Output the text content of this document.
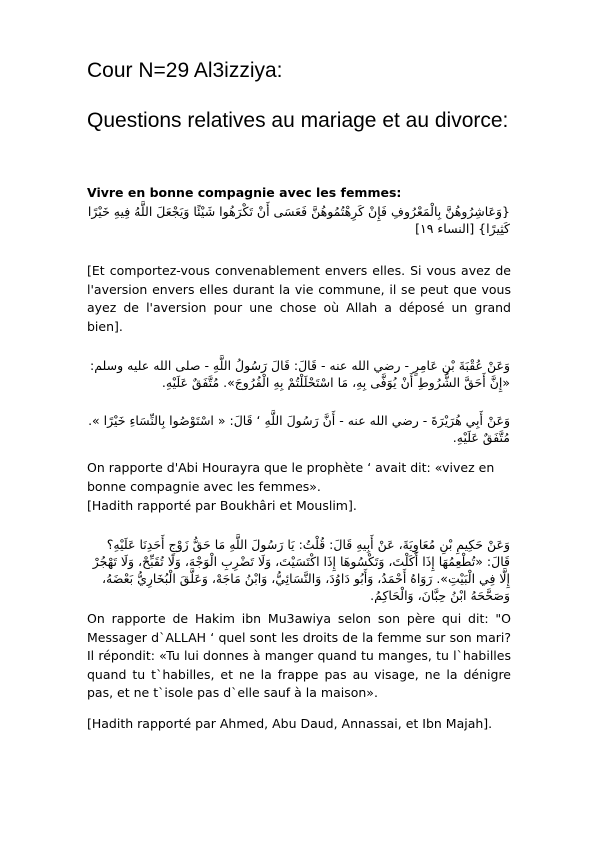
Cour N=29 Al3izziya:
Questions relatives au mariage et au divorce:
Vivre en bonne compagnie avec les femmes:
{وَعَاشِرُوهُنَّ بِالْمَعْرُوفِ فَإِنْ كَرِهْتُمُوهُنَّ فَعَسَى أَنْ تَكْرَهُوا شَيْئًا وَيَجْعَلَ اللَّهُ فِيهِ خَيْرًا كَثِيرًا} [النساء ١٩]
[Et comportez-vous convenablement envers elles. Si vous avez de l'aversion envers elles durant la vie commune, il se peut que vous ayez de l'aversion pour une chose où Allah a déposé un grand bien].
وَعَنْ عُقْبَةَ بْنِ عَامِرٍ - رضي الله عنه - قَالَ: قَالَ رَسُولُ اللَّهِ - صلى الله عليه وسلم: «إِنَّ أَحَقَّ الشُّرُوطِ أَنْ يُوَفَّى بِهِ، مَا اسْتَحْلَلْتُمْ بِهِ الْفُرُوجَ». مُتَّفَقٌ عَلَيْهِ.
وَعَنْ أَبِي هُرَيْرَةَ - رضي الله عنه - أَنَّ رَسُولَ اللَّهِ ‘ قَالَ: « اسْتَوْصُوا بِالنِّسَاءِ خَيْرًا ». مُتَّفَقٌ عَلَيْهِ.
On rapporte d'Abi Hourayra que le prophète ‘ avait dit: «vivez en
bonne compagnie avec les femmes».
[Hadith rapporté par Boukhâri et Mouslim].
وَعَنْ حَكِيمِ بْنِ مُعَاوِيَةَ، عَنْ أَبِيهِ قَالَ: قُلْتُ: يَا رَسُولَ اللَّهِ مَا حَقُّ زَوْجِ أَحَدِنَا عَلَيْهِ؟ قَالَ: «تُطْعِمُهَا إِذَا أَكَلْتَ، وَتَكْسُوهَا إِذَا اكْتَسَيْتَ، وَلَا تَضْرِبِ الْوَجْهَ، وَلَا تُقَبِّحْ، وَلَا تَهْجُرْ إِلَّا فِي الْبَيْتِ». رَوَاهُ أَحْمَدُ، وَأَبُو دَاوُدَ، وَالنَّسَائِيُّ، وَابْنُ مَاجَهْ، وَعَلَّقَ الْبُخَارِيُّ بَعْضَهُ، وَصَحَّحَهُ ابْنُ حِبَّانَ، وَالْحَاكِمُ.
On rapporte de Hakim ibn Mu3awiya selon son père qui dit: "O Messager d`ALLAH ‘ quel sont les droits de la femme sur son mari? Il répondit: «Tu lui donnes à manger quand tu manges, tu l`habilles quand tu t`habilles, et ne la frappe pas au visage, ne la dénigre pas, et ne t`isole pas d`elle sauf à la maison».
[Hadith rapporté par Ahmed, Abu Daud, Annassai, et Ibn Majah].
